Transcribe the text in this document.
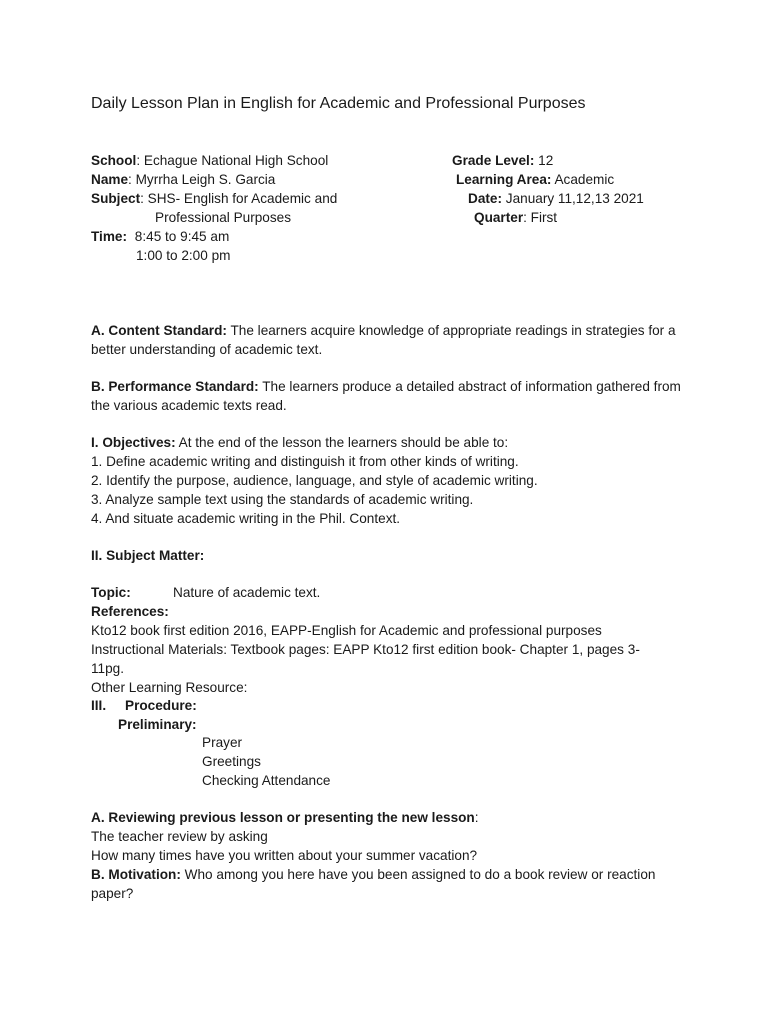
Daily Lesson Plan in English for Academic and Professional Purposes
School: Echague National High School
Name: Myrrha Leigh S. Garcia
Subject: SHS- English for Academic and
Professional Purposes
Time: 8:45 to 9:45 am
1:00 to 2:00 pm
Grade Level: 12
Learning Area: Academic
Date: January 11,12,13 2021
Quarter: First
A. Content Standard: The learners acquire knowledge of appropriate readings in strategies for a better understanding of academic text.
B. Performance Standard: The learners produce a detailed abstract of information gathered from the various academic texts read.
I. Objectives: At the end of the lesson the learners should be able to:
1. Define academic writing and distinguish it from other kinds of writing.
2. Identify the purpose, audience, language, and style of academic writing.
3. Analyze sample text using the standards of academic writing.
4. And situate academic writing in the Phil. Context.
II. Subject Matter:
Topic:	Nature of academic text.
References:
Kto12 book first edition 2016, EAPP-English for Academic and professional purposes
Instructional Materials: Textbook pages: EAPP Kto12 first edition book- Chapter 1, pages 3-
11pg.
Other Learning Resource:
III. Procedure:
Preliminary:
Prayer
Greetings
Checking Attendance
A. Reviewing previous lesson or presenting the new lesson:
The teacher review by asking
How many times have you written about your summer vacation?
B. Motivation: Who among you here have you been assigned to do a book review or reaction paper?
